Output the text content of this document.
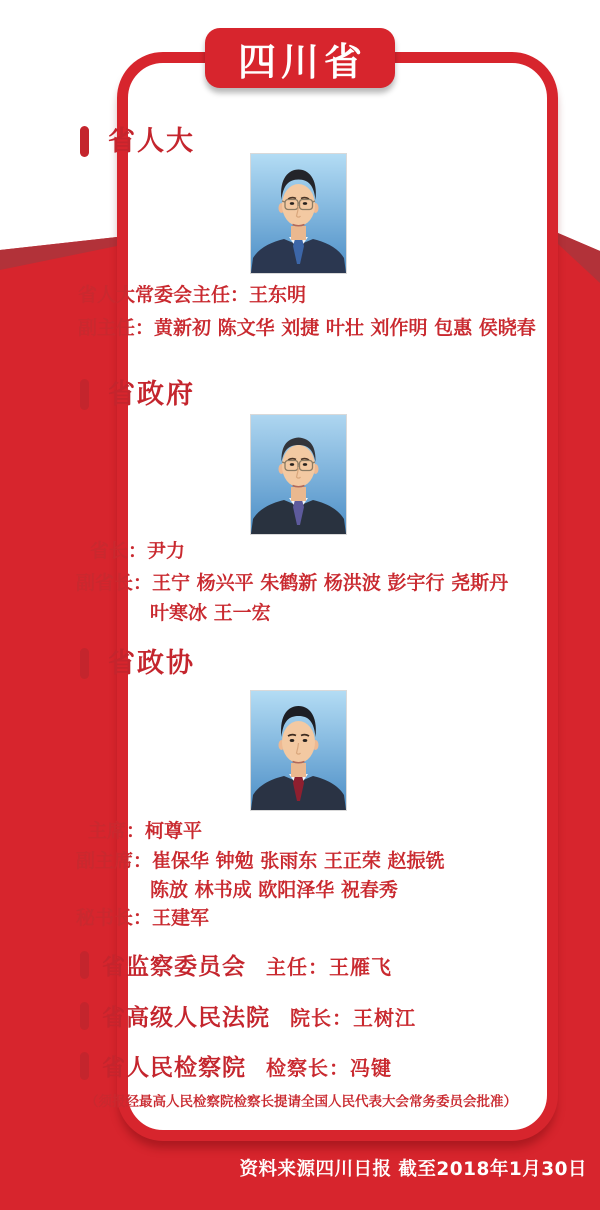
四川省
省人大
省人大常委会主任：王东明
副主任：黄新初 陈文华 刘捷 叶壮 刘作明 包惠 侯晓春
省政府
省长：尹力
副省长：王宁 杨兴平 朱鹤新 杨洪波 彭宇行 尧斯丹
叶寒冰 王一宏
省政协
主席：柯尊平
副主席：崔保华 钟勉 张雨东 王正荣 赵振铣
陈放 林书成 欧阳泽华 祝春秀
秘书长：王建军
省监察委员会 主任：王雁飞
省高级人民法院 院长：王树江
省人民检察院 检察长：冯键
（须报经最高人民检察院检察长提请全国人民代表大会常务委员会批准）
资料来源四川日报 截至2018年1月30日
